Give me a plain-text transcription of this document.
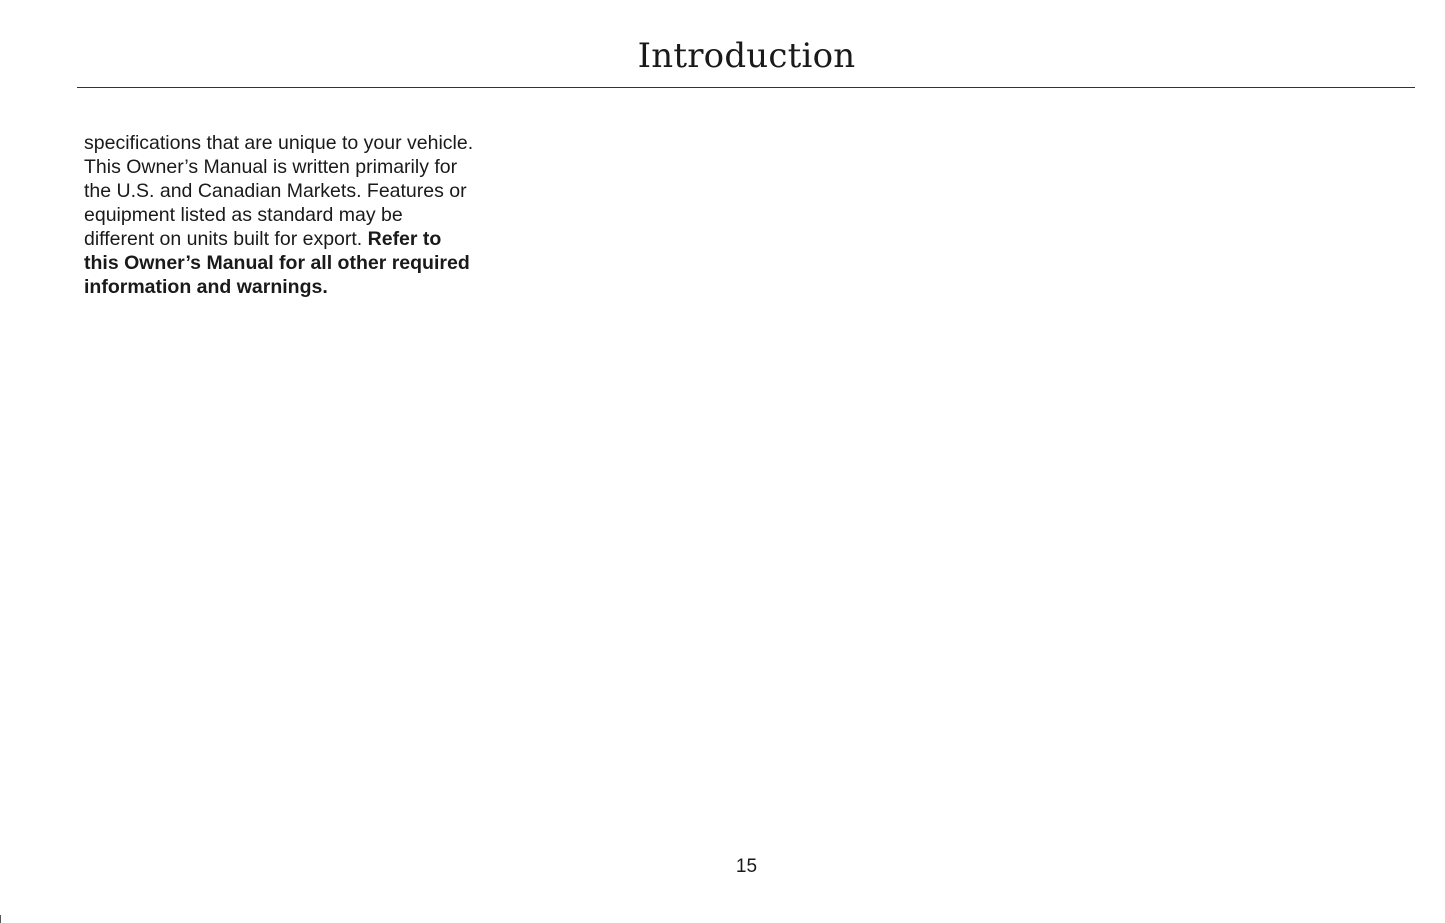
Introduction
specifications that are unique to your vehicle.
This Owner’s Manual is written primarily for
the U.S. and Canadian Markets. Features or
equipment listed as standard may be
different on units built for export. Refer to
this Owner’s Manual for all other required
information and warnings.
15
